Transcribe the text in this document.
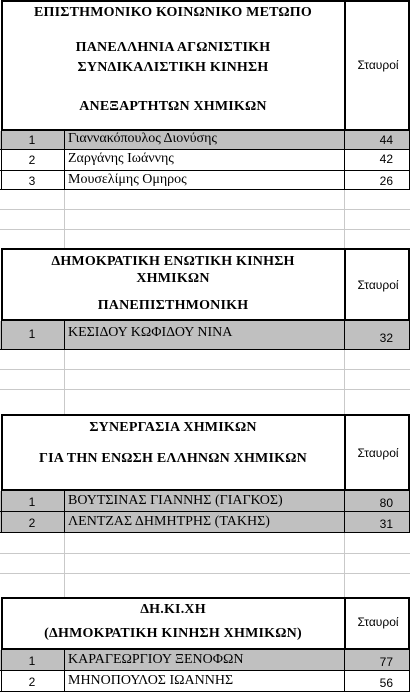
ΕΠΙΣΤΗΜΟΝΙΚΟ ΚΟΙΝΩΝΙΚΟ ΜΕΤΩΠΟ
ΠΑΝΕΛΛΗΝΙΑ ΑΓΩΝΙΣΤΙΚΗ
ΣΥΝΔΙΚΑΛΙΣΤΙΚΗ ΚΙΝΗΣΗ
ΑΝΕΞΑΡΤΗΤΩΝ ΧΗΜΙΚΩΝ
Σταυροί
1	Γιαννακόπουλος Διονύσης	44
2	Ζαργάνης Ιωάννης	42
3	Μουσελίμης Ομηρος	26
ΔΗΜΟΚΡΑΤΙΚΗ ΕΝΩΤΙΚΗ ΚΙΝΗΣΗ
ΧΗΜΙΚΩΝ
ΠΑΝΕΠΙΣΤΗΜΟΝΙΚΗ
Σταυροί
1	ΚΕΣΙΔΟΥ ΚΩΦΙΔΟΥ ΝΙΝΑ	32
ΣΥΝΕΡΓΑΣΙΑ ΧΗΜΙΚΩΝ
ΓΙΑ ΤΗΝ ΕΝΩΣΗ ΕΛΛΗΝΩΝ ΧΗΜΙΚΩΝ	Σταυροί
1	ΒΟΥΤΣΙΝΑΣ ΓΙΑΝΝΗΣ (ΓΙΑΓΚΟΣ)	80
2	ΛΕΝΤΖΑΣ ΔΗΜΗΤΡΗΣ (ΤΑΚΗΣ)	31
ΔΗ.ΚΙ.ΧΗ
(ΔΗΜΟΚΡΑΤΙΚΗ ΚΙΝΗΣΗ ΧΗΜΙΚΩΝ)
Σταυροί
1	ΚΑΡΑΓΕΩΡΓΙΟΥ ΞΕΝΟΦΩΝ	77
2	ΜΗΝΟΠΟΥΛΟΣ ΙΩΑΝΝΗΣ	56
